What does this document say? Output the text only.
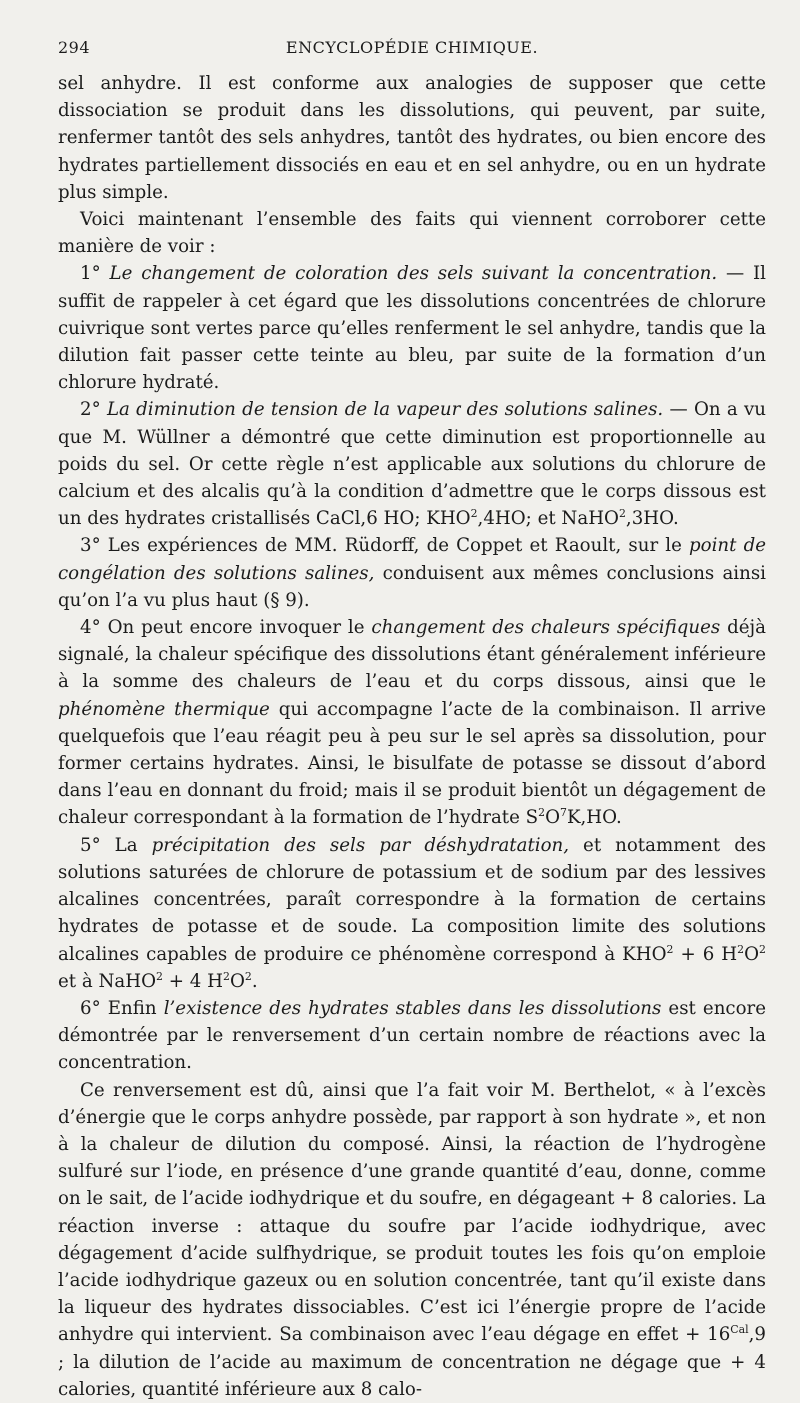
294	ENCYCLOPÉDIE CHIMIQUE.

sel anhydre. Il est conforme aux analogies de supposer que cette dissociation se produit dans les dissolutions, qui peuvent, par suite, renfermer tantôt des sels anhydres, tantôt des hydrates, ou bien encore des hydrates partiellement dissociés en eau et en sel anhydre, ou en un hydrate plus simple.

Voici maintenant l’ensemble des faits qui viennent corroborer cette manière de voir :

1° Le changement de coloration des sels suivant la concentration. — Il suffit de rappeler à cet égard que les dissolutions concentrées de chlorure cuivrique sont vertes parce qu’elles renferment le sel anhydre, tandis que la dilution fait passer cette teinte au bleu, par suite de la formation d’un chlorure hydraté.

2° La diminution de tension de la vapeur des solutions salines. — On a vu que M. Wüllner a démontré que cette diminution est proportionnelle au poids du sel. Or cette règle n’est applicable aux solutions du chlorure de calcium et des alcalis qu’à la condition d’admettre que le corps dissous est un des hydrates cristallisés CaCl,6 HO; KHO$^2$,4HO; et NaHO$^2$,3HO.

3° Les expériences de MM. Rüdorff, de Coppet et Raoult, sur le point de congélation des solutions salines, conduisent aux mêmes conclusions ainsi qu’on l’a vu plus haut (§ 9).

4° On peut encore invoquer le changement des chaleurs spécifiques déjà signalé, la chaleur spécifique des dissolutions étant généralement inférieure à la somme des chaleurs de l’eau et du corps dissous, ainsi que le phénomène thermique qui accompagne l’acte de la combinaison. Il arrive quelquefois que l’eau réagit peu à peu sur le sel après sa dissolution, pour former certains hydrates. Ainsi, le bisulfate de potasse se dissout d’abord dans l’eau en donnant du froid; mais il se produit bientôt un dégagement de chaleur correspondant à la formation de l’hydrate $S^2O^7K,HO$.

5° La précipitation des sels par déshydratation, et notamment des solutions saturées de chlorure de potassium et de sodium par des lessives alcalines concentrées, paraît correspondre à la formation de certains hydrates de potasse et de soude. La composition limite des solutions alcalines capables de produire ce phénomène correspond à $KHO^2 + 6$ $H^2O^2$ et à NaHO$^2$ + 4 $H^2O^2$.

6° Enfin l’existence des hydrates stables dans les dissolutions est encore démontrée par le renversement d’un certain nombre de réactions avec la concentration.

Ce renversement est dû, ainsi que l’a fait voir M. Berthelot, « à l’excès d’énergie que le corps anhydre possède, par rapport à son hydrate », et non à la chaleur de dilution du composé. Ainsi, la réaction de l’hydrogène sulfuré sur l’iode, en présence d’une grande quantité d’eau, donne, comme on le sait, de l’acide iodhydrique et du soufre, en dégageant + 8 calories. La réaction inverse : attaque du soufre par l’acide iodhydrique, avec dégagement d’acide sulfhydrique, se produit toutes les fois qu’on emploie l’acide iodhydrique gazeux ou en solution concentrée, tant qu’il existe dans la liqueur des hydrates dissociables. C’est ici l’énergie propre de l’acide anhydre qui intervient. Sa combinaison avec l’eau dégage en effet + $16^{Cal},9$ ; la dilution de l’acide au maximum de concentration ne dégage que + 4 calories, quantité inférieure aux 8 calo-
